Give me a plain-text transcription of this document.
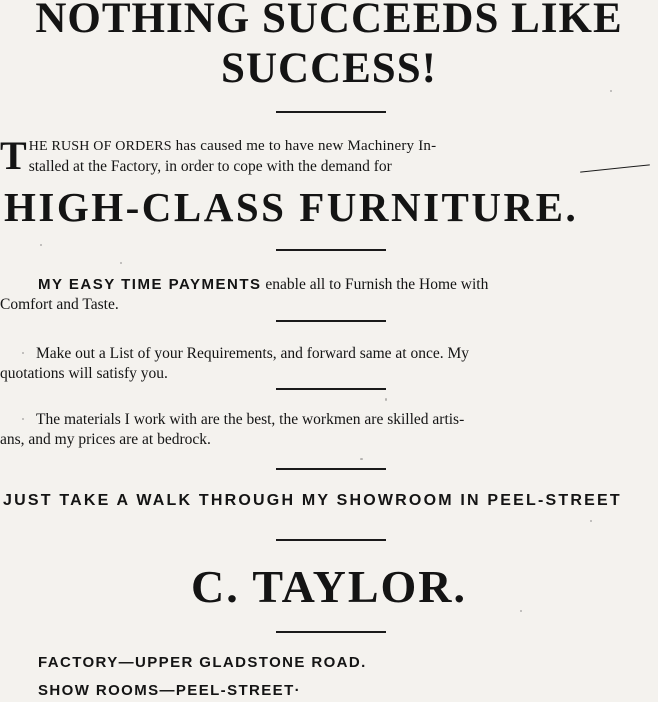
NOTHING SUCCEEDS LIKE
SUCCESS!
T HE RUSH OF ORDERS has caused me to have new Machinery In-
stalled at the Factory, in order to cope with the demand for
HIGH-CLASS FURNITURE.
MY EASY TIME PAYMENTS enable all to Furnish the Home with
Comfort and Taste.
Make out a List of your Requirements, and forward same at once. My
quotations will satisfy you.
The materials I work with are the best, the workmen are skilled artis-
ans, and my prices are at bedrock.
JUST TAKE A WALK THROUGH MY SHOWROOM IN PEEL-STREET
C. TAYLOR.
FACTORY—UPPER GLADSTONE ROAD.
SHOW ROOMS—PEEL-STREET·
